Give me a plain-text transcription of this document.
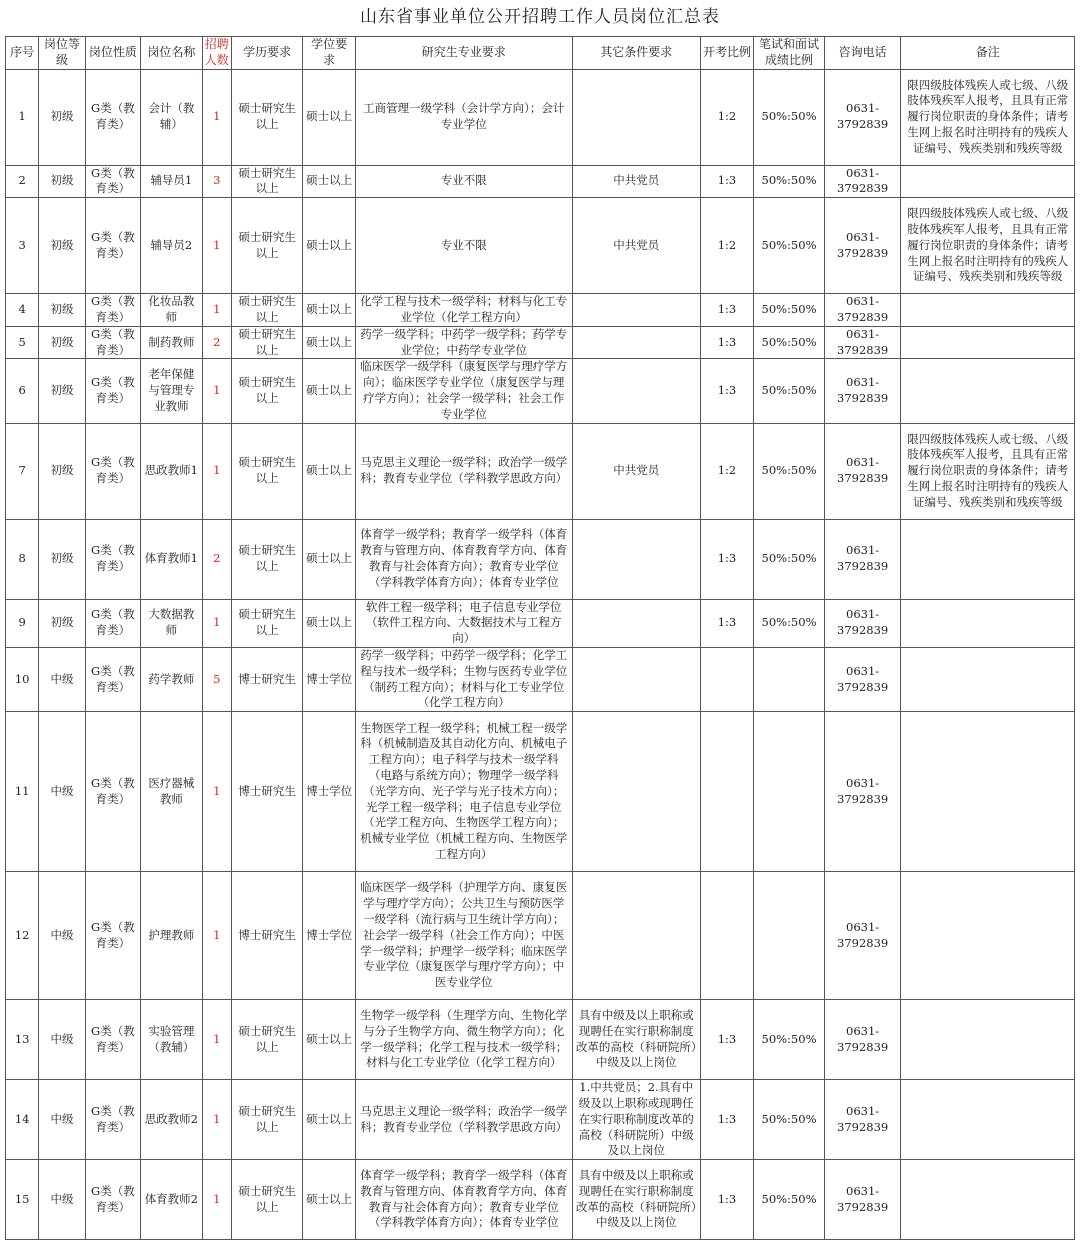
山东省事业单位公开招聘工作人员岗位汇总表
序号	岗位等级	岗位性质	岗位名称	招聘人数	学历要求	学位要求	研究生专业要求	其它条件要求	开考比例	笔试和面试成绩比例	咨询电话	备注
1	初级	G类（教育类）	会计（教辅）	1	硕士研究生以上	硕士以上	工商管理一级学科（会计学方向）；会计专业学位		1:2	50%:50%	0631-3792839	限四级肢体残疾人或七级、八级肢体残疾军人报考，且具有正常履行岗位职责的身体条件；请考生网上报名时注明持有的残疾人证编号、残疾类别和残疾等级
2	初级	G类（教育类）	辅导员1	3	硕士研究生以上	硕士以上	专业不限	中共党员	1:3	50%:50%	0631-3792839	
3	初级	G类（教育类）	辅导员2	1	硕士研究生以上	硕士以上	专业不限	中共党员	1:2	50%:50%	0631-3792839	限四级肢体残疾人或七级、八级肢体残疾军人报考，且具有正常履行岗位职责的身体条件；请考生网上报名时注明持有的残疾人证编号、残疾类别和残疾等级
4	初级	G类（教育类）	化妆品教师	1	硕士研究生以上	硕士以上	化学工程与技术一级学科；材料与化工专业学位（化学工程方向）		1:3	50%:50%	0631-3792839	
5	初级	G类（教育类）	制药教师	2	硕士研究生以上	硕士以上	药学一级学科；中药学一级学科；药学专业学位；中药学专业学位		1:3	50%:50%	0631-3792839	
6	初级	G类（教育类）	老年保健与管理专业教师	1	硕士研究生以上	硕士以上	临床医学一级学科（康复医学与理疗学方向）；临床医学专业学位（康复医学与理疗学方向）；社会学一级学科；社会工作专业学位		1:3	50%:50%	0631-3792839	
7	初级	G类（教育类）	思政教师1	1	硕士研究生以上	硕士以上	马克思主义理论一级学科；政治学一级学科；教育专业学位（学科教学思政方向）	中共党员	1:2	50%:50%	0631-3792839	限四级肢体残疾人或七级、八级肢体残疾军人报考，且具有正常履行岗位职责的身体条件；请考生网上报名时注明持有的残疾人证编号、残疾类别和残疾等级
8	初级	G类（教育类）	体育教师1	2	硕士研究生以上	硕士以上	体育学一级学科；教育学一级学科（体育教育与管理方向、体育教育学方向、体育教育与社会体育方向）；教育专业学位（学科教学体育方向）；体育专业学位		1:3	50%:50%	0631-3792839	
9	初级	G类（教育类）	大数据教师	1	硕士研究生以上	硕士以上	软件工程一级学科；电子信息专业学位（软件工程方向、大数据技术与工程方向）		1:3	50%:50%	0631-3792839	
10	中级	G类（教育类）	药学教师	5	博士研究生	博士学位	药学一级学科；中药学一级学科；化学工程与技术一级学科；生物与医药专业学位（制药工程方向）；材料与化工专业学位（化学工程方向）				0631-3792839	
11	中级	G类（教育类）	医疗器械教师	1	博士研究生	博士学位	生物医学工程一级学科；机械工程一级学科（机械制造及其自动化方向、机械电子工程方向）；电子科学与技术一级学科（电路与系统方向）；物理学一级学科（光学方向、光子学与光子技术方向）；光学工程一级学科；电子信息专业学位（光学工程方向、生物医学工程方向）；机械专业学位（机械工程方向、生物医学工程方向）				0631-3792839	
12	中级	G类（教育类）	护理教师	1	博士研究生	博士学位	临床医学一级学科（护理学方向、康复医学与理疗学方向）；公共卫生与预防医学一级学科（流行病与卫生统计学方向）；社会学一级学科（社会工作方向）；中医学一级学科；护理学一级学科；临床医学专业学位（康复医学与理疗学方向）；中医专业学位				0631-3792839	
13	中级	G类（教育类）	实验管理（教辅）	1	硕士研究生以上	硕士以上	生物学一级学科（生理学方向、生物化学与分子生物学方向、微生物学方向）；化学一级学科；化学工程与技术一级学科；材料与化工专业学位（化学工程方向）	具有中级及以上职称或现聘任在实行职称制度改革的高校（科研院所）中级及以上岗位	1:3	50%:50%	0631-3792839	
14	中级	G类（教育类）	思政教师2	1	硕士研究生以上	硕士以上	马克思主义理论一级学科；政治学一级学科；教育专业学位（学科教学思政方向）	1.中共党员；2.具有中级及以上职称或现聘任在实行职称制度改革的高校（科研院所）中级及以上岗位	1:3	50%:50%	0631-3792839	
15	中级	G类（教育类）	体育教师2	1	硕士研究生以上	硕士以上	体育学一级学科；教育学一级学科（体育教育与管理方向、体育教育学方向、体育教育与社会体育方向）；教育专业学位（学科教学体育方向）；体育专业学位	具有中级及以上职称或现聘任在实行职称制度改革的高校（科研院所）中级及以上岗位	1:3	50%:50%	0631-3792839	
